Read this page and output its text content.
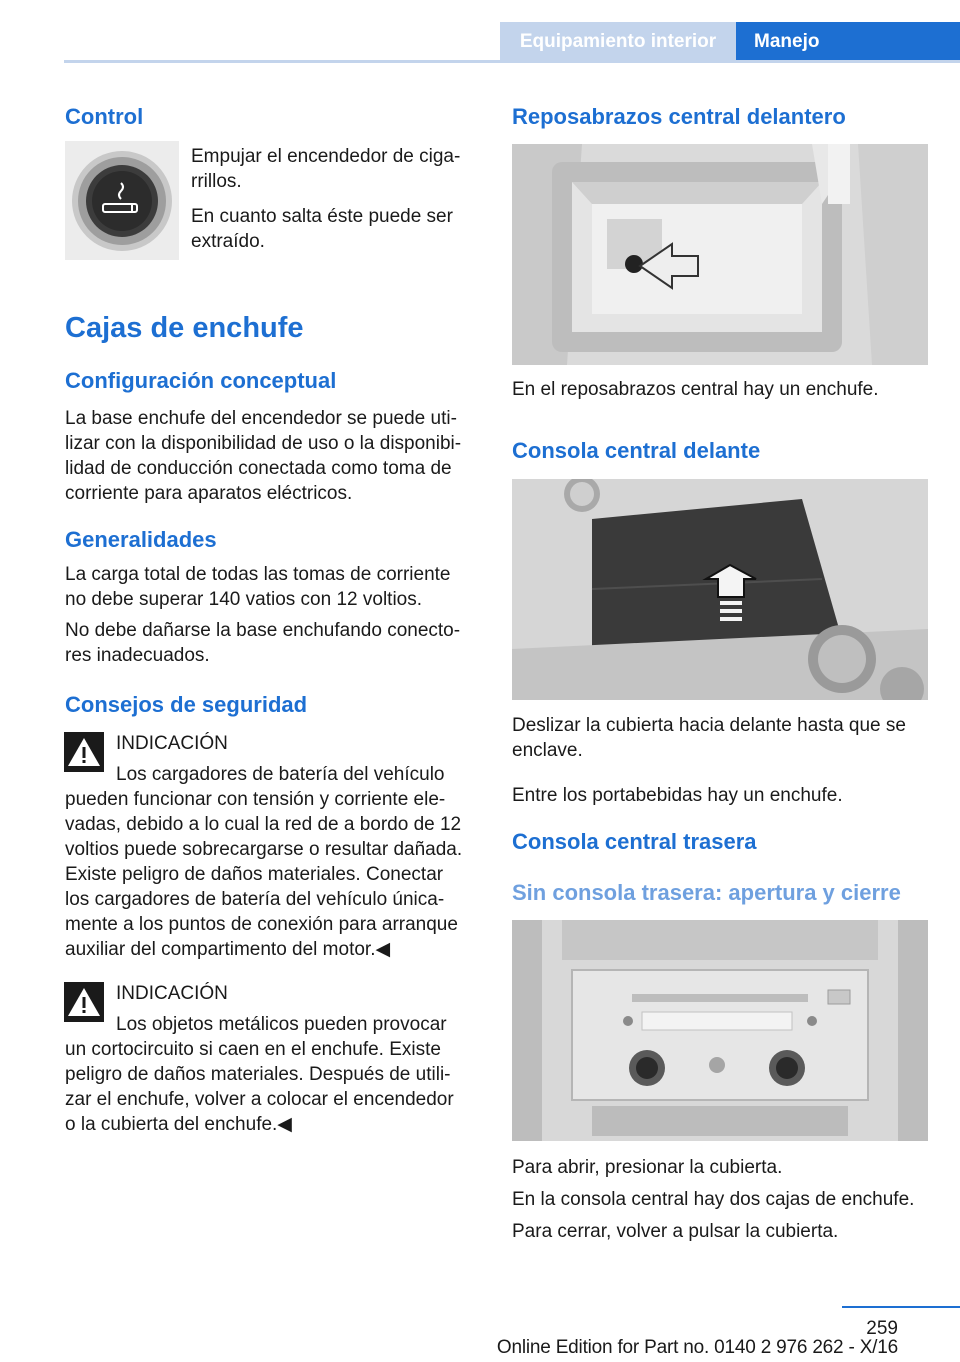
Equipamiento interior	Manejo
Control
Empujar el encendedor de ciga‐
rrillos.
En cuanto salta éste puede ser
extraído.
Cajas de enchufe
Configuración conceptual
La base enchufe del encendedor se puede uti‐
lizar con la disponibilidad de uso o la disponibi‐
lidad de conducción conectada como toma de
corriente para aparatos eléctricos.
Generalidades
La carga total de todas las tomas de corriente
no debe superar 140 vatios con 12 voltios.
No debe dañarse la base enchufando conecto‐
res inadecuados.
Consejos de seguridad
INDICACIÓN
Los cargadores de batería del vehículo
pueden funcionar con tensión y corriente ele‐
vadas, debido a lo cual la red de a bordo de 12
voltios puede sobrecargarse o resultar dañada.
Existe peligro de daños materiales. Conectar
los cargadores de batería del vehículo única‐
mente a los puntos de conexión para arranque
auxiliar del compartimento del motor.◀
INDICACIÓN
Los objetos metálicos pueden provocar
un cortocircuito si caen en el enchufe. Existe
peligro de daños materiales. Después de utili‐
zar el enchufe, volver a colocar el encendedor
o la cubierta del enchufe.◀
Reposabrazos central delantero
En el reposabrazos central hay un enchufe.
Consola central delante
Deslizar la cubierta hacia delante hasta que se
enclave.
Entre los portabebidas hay un enchufe.
Consola central trasera
Sin consola trasera: apertura y cierre
Para abrir, presionar la cubierta.
En la consola central hay dos cajas de enchufe.
Para cerrar, volver a pulsar la cubierta.
259
Online Edition for Part no. 0140 2 976 262 - X/16
